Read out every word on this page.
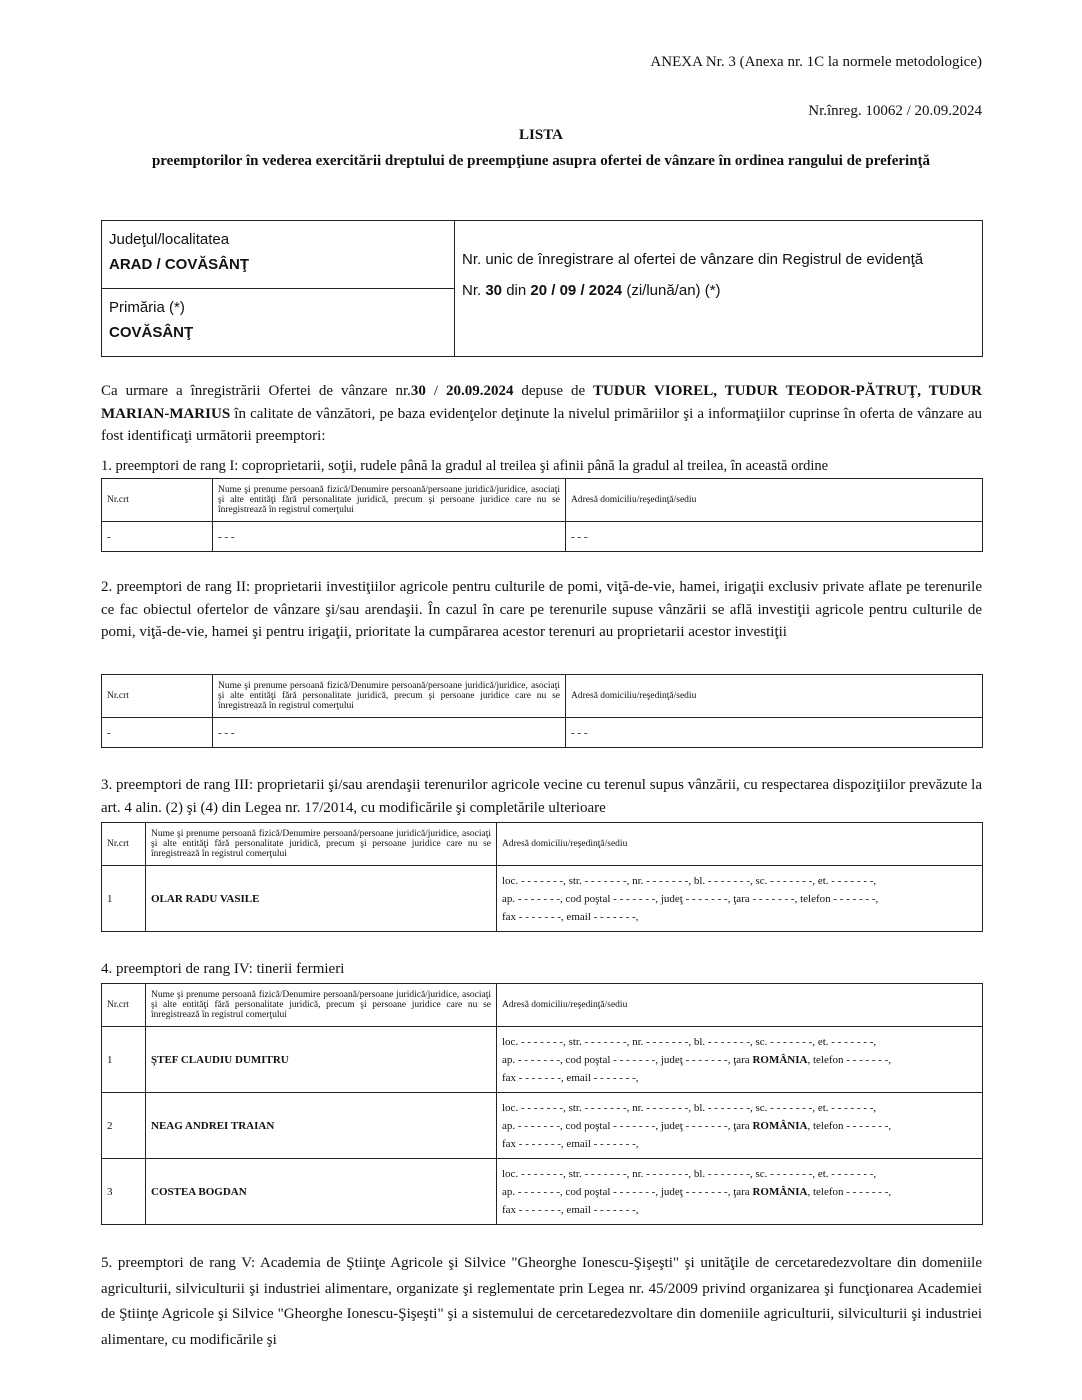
ANEXA Nr. 3 (Anexa nr. 1C la normele metodologice)
Nr.înreg. 10062 / 20.09.2024
LISTA
preemptorilor în vederea exercitării dreptului de preempţiune asupra ofertei de vânzare în ordinea rangului de preferinţă
Judeţul/localitatea
ARAD / COVĂSÂNŢ	Nr. unic de înregistrare al ofertei de vânzare din Registrul de evidenţă
Nr. 30 din 20 / 09 / 2024 (zi/lună/an) (*)

Primăria (*)
COVĂSÂNŢ
Ca urmare a înregistrării Ofertei de vânzare nr.30 / 20.09.2024 depuse de TUDUR VIOREL, TUDUR TEODOR-PĂTRUŢ, TUDUR MARIAN-MARIUS în calitate de vânzători, pe baza evidenţelor deţinute la nivelul primăriilor şi a informaţiilor cuprinse în oferta de vânzare au fost identificaţi următorii preemptori:
1. preemptori de rang I: coproprietarii, soţii, rudele până la gradul al treilea şi afinii până la gradul al treilea, în această ordine
Nr.crt	Nume şi prenume persoană fizică/Denumire persoană/persoane juridică/juridice, asociaţi şi alte entităţi fără personalitate juridică, precum şi persoane juridice care nu se înregistrează în registrul comerţului	Adresă domiciliu/reşedinţă/sediu
-	- - -	- - -
2. preemptori de rang II: proprietarii investiţiilor agricole pentru culturile de pomi, viţă-de-vie, hamei, irigaţii exclusiv private aflate pe terenurile ce fac obiectul ofertelor de vânzare şi/sau arendaşii. În cazul în care pe terenurile supuse vânzării se află investiţii agricole pentru culturile de pomi, viţă-de-vie, hamei şi pentru irigaţii, prioritate la cumpărarea acestor terenuri au proprietarii acestor investiţii
Nr.crt	Nume şi prenume persoană fizică/Denumire persoană/persoane juridică/juridice, asociaţi şi alte entităţi fără personalitate juridică, precum şi persoane juridice care nu se înregistrează în registrul comerţului	Adresă domiciliu/reşedinţă/sediu
-	- - -	- - -
3. preemptori de rang III: proprietarii şi/sau arendaşii terenurilor agricole vecine cu terenul supus vânzării, cu respectarea dispoziţiilor prevăzute la art. 4 alin. (2) şi (4) din Legea nr. 17/2014, cu modificările şi completările ulterioare
Nr.crt	Nume şi prenume persoană fizică/Denumire persoană/persoane juridică/juridice, asociaţi şi alte entităţi fără personalitate juridică, precum şi persoane juridice care nu se înregistrează în registrul comerţului	Adresă domiciliu/reşedinţă/sediu
1	OLAR RADU VASILE	loc. - - - - - - -, str. - - - - - - -, nr. - - - - - - -, bl. - - - - - - -, sc. - - - - - - -, et. - - - - - - -,
ap. - - - - - - -, cod poştal - - - - - - -, judeţ - - - - - - -, ţara - - - - - - -, telefon - - - - - - -,
fax - - - - - - -, email - - - - - - -,
4. preemptori de rang IV: tinerii fermieri
Nr.crt	Nume şi prenume persoană fizică/Denumire persoană/persoane juridică/juridice, asociaţi şi alte entităţi fără personalitate juridică, precum şi persoane juridice care nu se înregistrează în registrul comerţului	Adresă domiciliu/reşedinţă/sediu
1	ŞTEF CLAUDIU DUMITRU	loc. - - - - - - -, str. - - - - - - -, nr. - - - - - - -, bl. - - - - - - -, sc. - - - - - - -, et. - - - - - - -,
ap. - - - - - - -, cod poştal - - - - - - -, judeţ - - - - - - -, ţara ROMÂNIA, telefon - - - - - - -,
fax - - - - - - -, email - - - - - - -,

2	NEAG ANDREI TRAIAN	loc. - - - - - - -, str. - - - - - - -, nr. - - - - - - -, bl. - - - - - - -, sc. - - - - - - -, et. - - - - - - -,
ap. - - - - - - -, cod poştal - - - - - - -, judeţ - - - - - - -, ţara ROMÂNIA, telefon - - - - - - -,
fax - - - - - - -, email - - - - - - -,

3	COSTEA BOGDAN	loc. - - - - - - -, str. - - - - - - -, nr. - - - - - - -, bl. - - - - - - -, sc. - - - - - - -, et. - - - - - - -,
ap. - - - - - - -, cod poştal - - - - - - -, judeţ - - - - - - -, ţara ROMÂNIA, telefon - - - - - - -,
fax - - - - - - -, email - - - - - - -,
5. preemptori de rang V: Academia de Ştiinţe Agricole şi Silvice "Gheorghe Ionescu-Şişeşti" şi unităţile de cercetaredezvoltare din domeniile agriculturii, silviculturii şi industriei alimentare, organizate şi reglementate prin Legea nr. 45/2009 privind organizarea şi funcţionarea Academiei de Ştiinţe Agricole şi Silvice "Gheorghe Ionescu-Şişeşti" şi a sistemului de cercetaredezvoltare din domeniile agriculturii, silviculturii şi industriei alimentare, cu modificările şi
